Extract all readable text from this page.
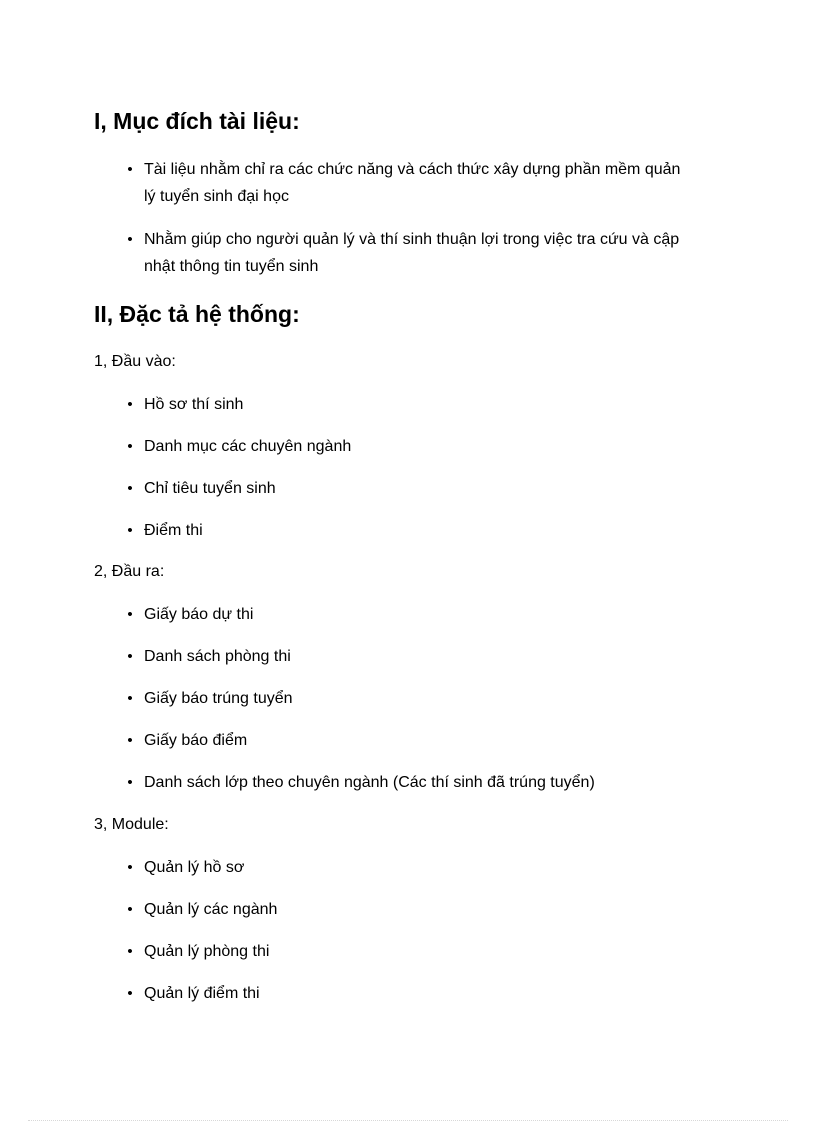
I, Mục đích tài liệu:
• Tài liệu nhằm chỉ ra các chức năng và cách thức xây dựng phần mềm quản
lý tuyển sinh đại học
• Nhằm giúp cho người quản lý và thí sinh thuận lợi trong việc tra cứu và cập
nhật thông tin tuyển sinh
II, Đặc tả hệ thống:

1, Đầu vào:

• Hồ sơ thí sinh
• Danh mục các chuyên ngành
• Chỉ tiêu tuyển sinh
• Điểm thi

2, Đầu ra:

• Giấy báo dự thi
• Danh sách phòng thi
• Giấy báo trúng tuyển
• Giấy báo điểm
• Danh sách lớp theo chuyên ngành (Các thí sinh đã trúng tuyển)

3, Module:

• Quản lý hồ sơ
• Quản lý các ngành
• Quản lý phòng thi
• Quản lý điểm thi
